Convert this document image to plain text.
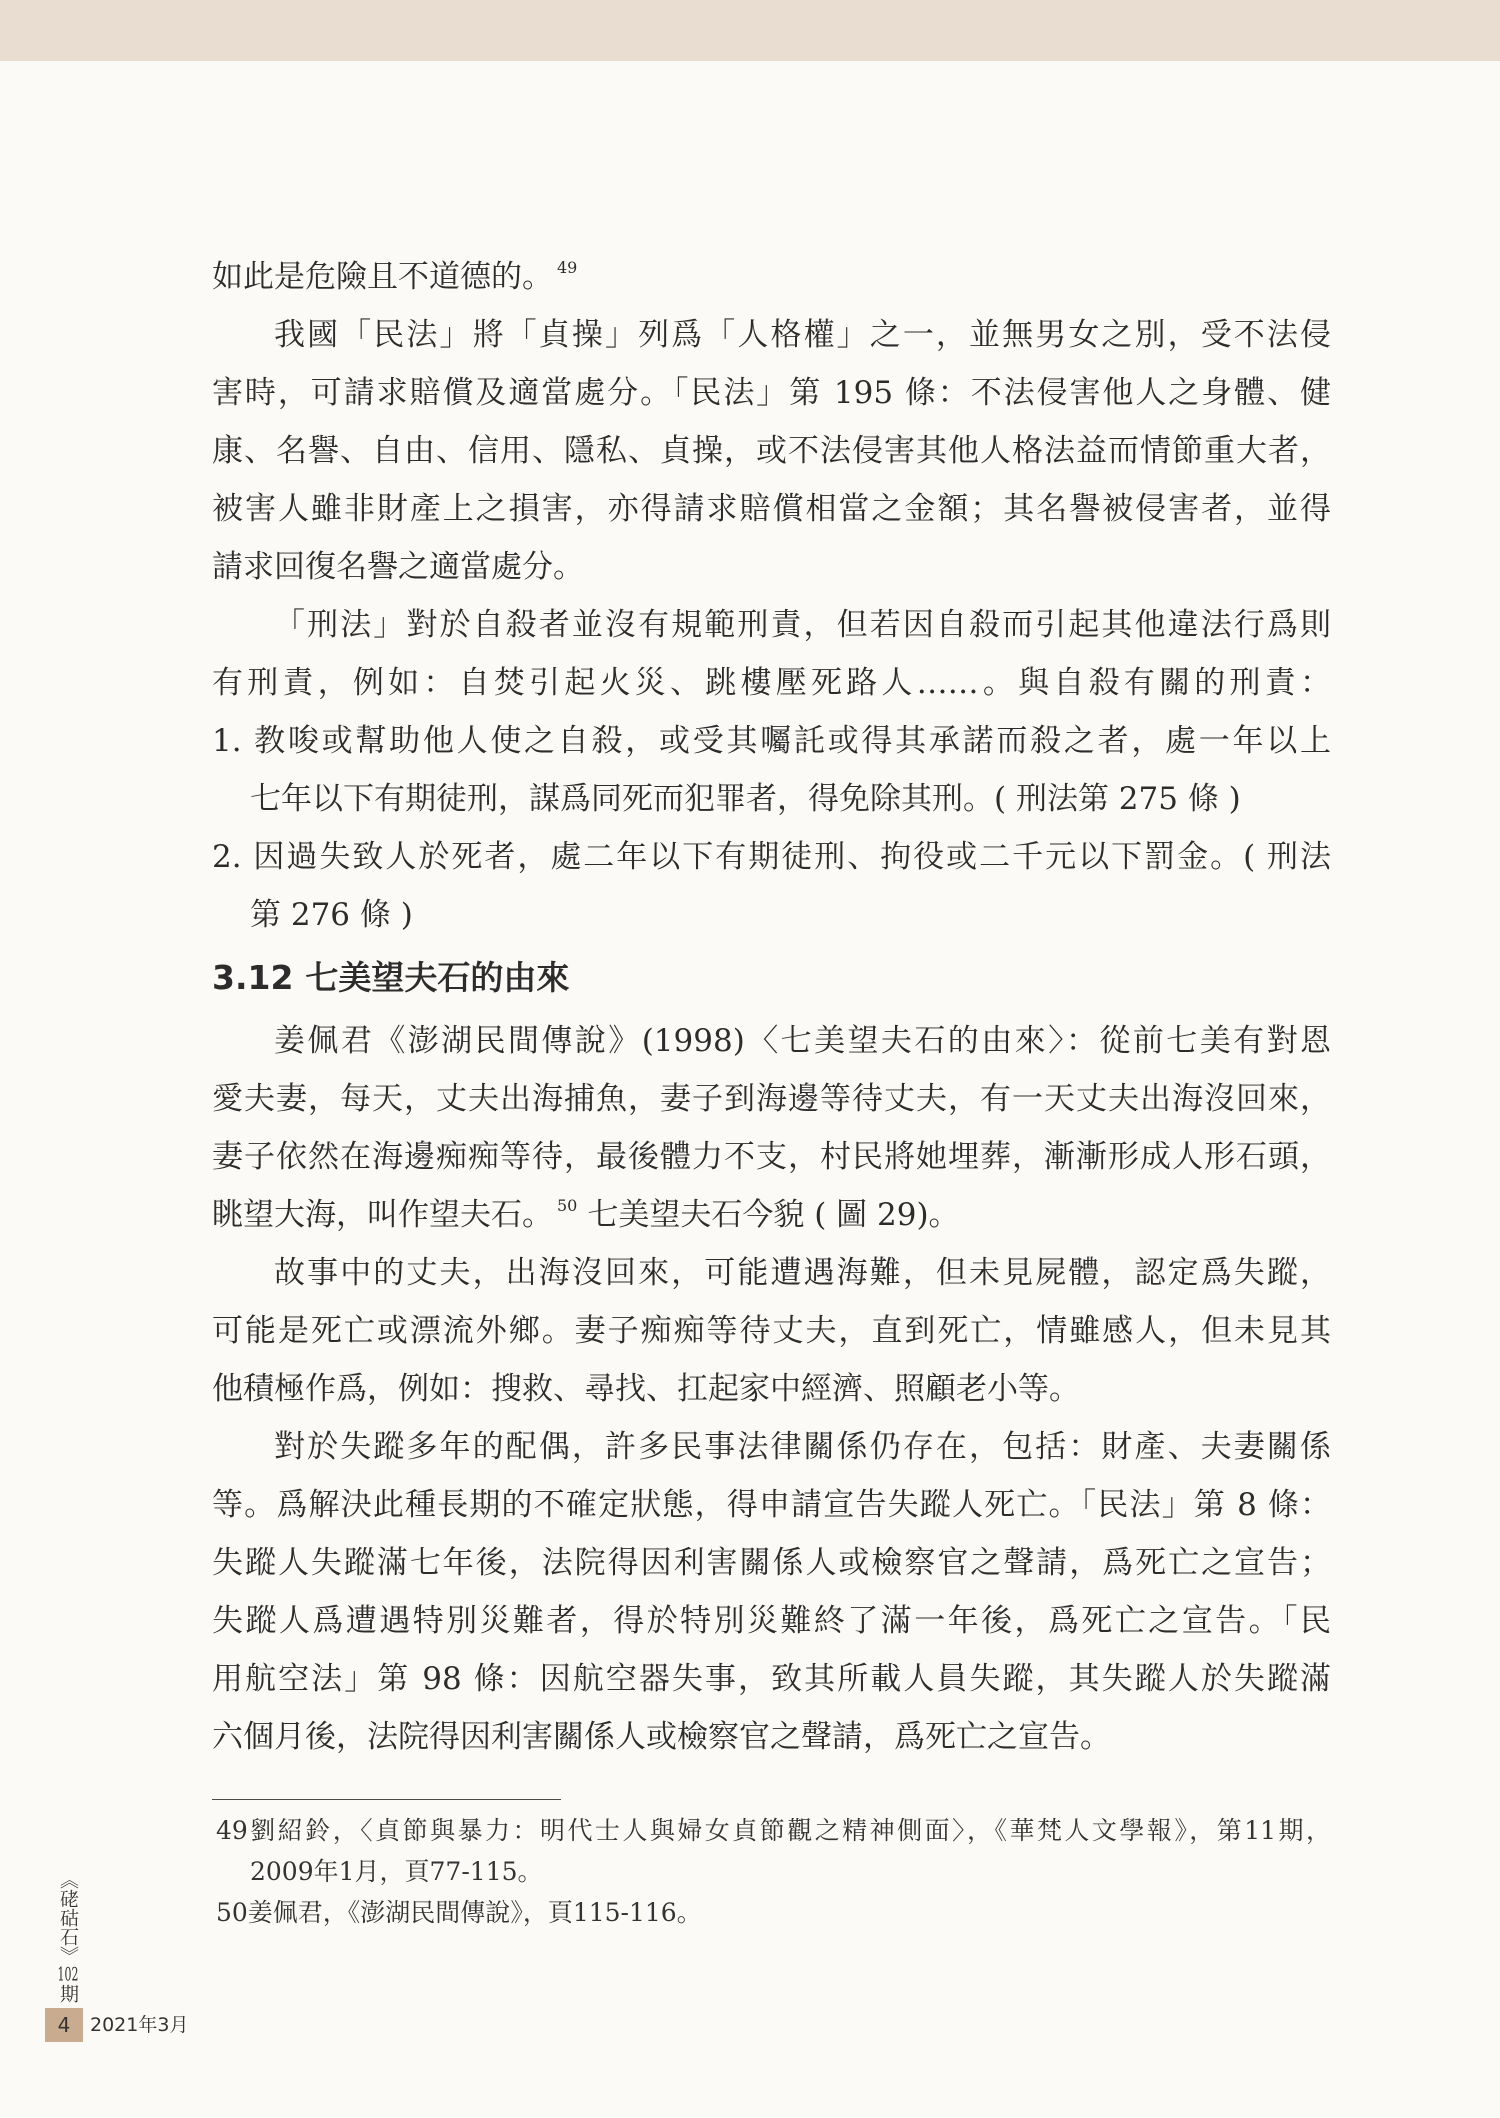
如此是危險且不道德的。 $^{49}$

我國「民法」將「貞操」列爲「人格權」之一，並無男女之別，受不法侵
害時，可請求賠償及適當處分。「民法」第 195 條：不法侵害他人之身體、健
康、名譽、自由、信用、隱私、貞操，或不法侵害其他人格法益而情節重大者，
被害人雖非財產上之損害，亦得請求賠償相當之金額；其名譽被侵害者，並得
請求回復名譽之適當處分。

「刑法」對於自殺者並沒有規範刑責，但若因自殺而引起其他違法行爲則
有刑責，例如：自焚引起火災、跳樓壓死路人……。與自殺有關的刑責：

1. 教唆或幫助他人使之自殺，或受其囑託或得其承諾而殺之者，處一年以上
七年以下有期徒刑，謀爲同死而犯罪者，得免除其刑。( 刑法第 275 條 )
2. 因過失致人於死者，處二年以下有期徒刑、拘役或二千元以下罰金。( 刑法
第 276 條 )
3.12 七美望夫石的由來

姜佩君《澎湖民間傳說》(1998)〈七美望夫石的由來〉：從前七美有對恩
愛夫妻，每天，丈夫出海捕魚，妻子到海邊等待丈夫，有一天丈夫出海沒回來，
妻子依然在海邊痴痴等待，最後體力不支，村民將她埋葬，漸漸形成人形石頭，
眺望大海，叫作望夫石。 $^{50}$ 七美望夫石今貌 ( 圖 29)。

故事中的丈夫，出海沒回來，可能遭遇海難，但未見屍體，認定爲失蹤，
可能是死亡或漂流外鄉。妻子痴痴等待丈夫，直到死亡，情雖感人，但未見其
他積極作爲，例如：搜救、尋找、扛起家中經濟、照顧老小等。

對於失蹤多年的配偶，許多民事法律關係仍存在，包括：財產、夫妻關係
等。爲解決此種長期的不確定狀態，得申請宣告失蹤人死亡。「民法」第 8 條：
失蹤人失蹤滿七年後，法院得因利害關係人或檢察官之聲請，爲死亡之宣告；
失蹤人爲遭遇特別災難者，得於特別災難終了滿一年後，爲死亡之宣告。「民
用航空法」第 98 條：因航空器失事，致其所載人員失蹤，其失蹤人於失蹤滿
六個月後，法院得因利害關係人或檢察官之聲請，爲死亡之宣告。

49劉紹鈴，〈貞節與暴力：明代士人與婦女貞節觀之精神側面〉，《華梵人文學報》，第11期，
2009年1月，頁77-115。
50姜佩君，《澎湖民間傳說》，頁115-116。
《硓𥑮石》102期
4	2021年3月
